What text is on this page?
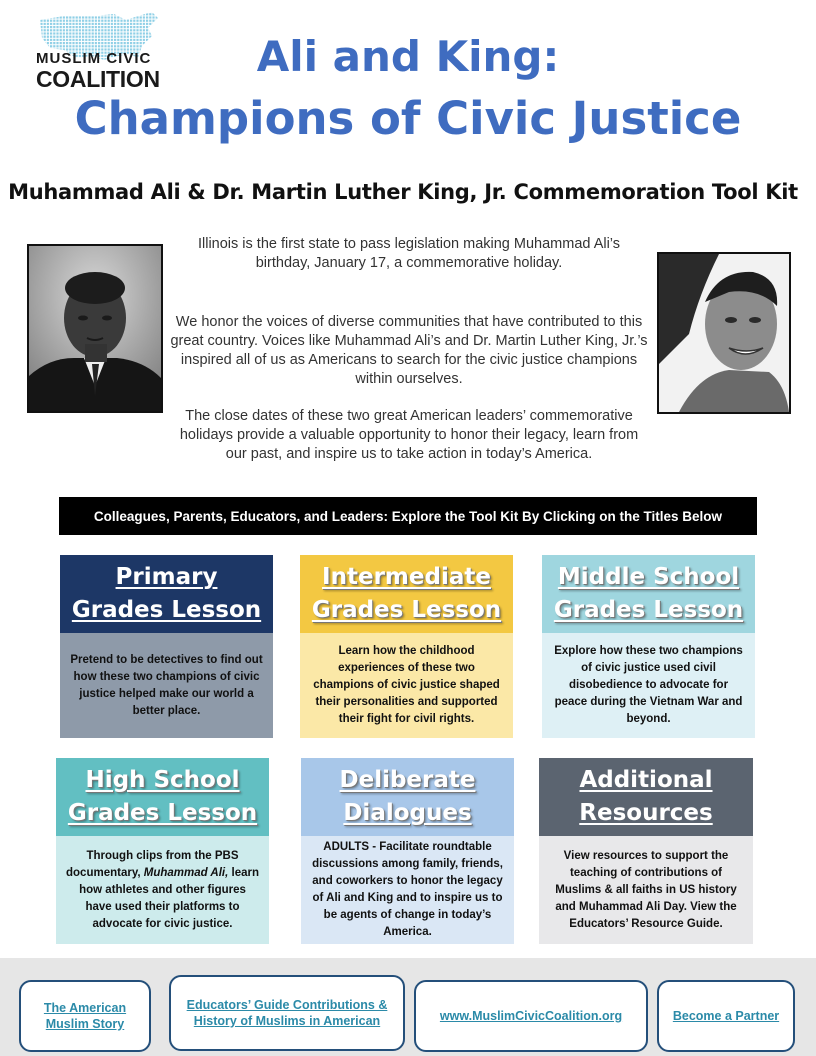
MUSLIM CIVIC
COALITION	Ali and King:
Champions of Civic Justice
Muhammad Ali & Dr. Martin Luther King, Jr. Commemoration Tool Kit
Illinois is the first state to pass legislation making Muhammad Ali’s birthday, January 17, a commemorative holiday.
We honor the voices of diverse communities that have contributed to this great country. Voices like Muhammad Ali’s and Dr. Martin Luther King, Jr.’s inspired all of us as Americans to search for the civic justice champions within ourselves.
The close dates of these two great American leaders’ commemorative holidays provide a valuable opportunity to honor their legacy, learn from our past, and inspire us to take action in today’s America.
Colleagues, Parents, Educators, and Leaders: Explore the Tool Kit By Clicking on the Titles Below
Primary
Grades Lesson
Pretend to be detectives to find out how these two champions of civic justice helped make our world a better place.
Intermediate
Grades Lesson
Learn how the childhood experiences of these two champions of civic justice shaped their personalities and supported their fight for civil rights.
Middle School
Grades Lesson
Explore how these two champions of civic justice used civil disobedience to advocate for peace during the Vietnam War and beyond.
High School
Grades Lesson
Through clips from the PBS documentary, Muhammad Ali, learn how athletes and other figures have used their platforms to advocate for civic justice.
Deliberate
Dialogues
ADULTS - Facilitate roundtable discussions among family, friends, and coworkers to honor the legacy of Ali and King and to inspire us to be agents of change in today’s America.
Additional
Resources
View resources to support the teaching of contributions of Muslims & all faiths in US history and Muhammad Ali Day. View the Educators’ Resource Guide.
The American Muslim Story
Educators’ Guide Contributions & History of Muslims in American	www.MuslimCivicCoalition.org	Become a Partner
